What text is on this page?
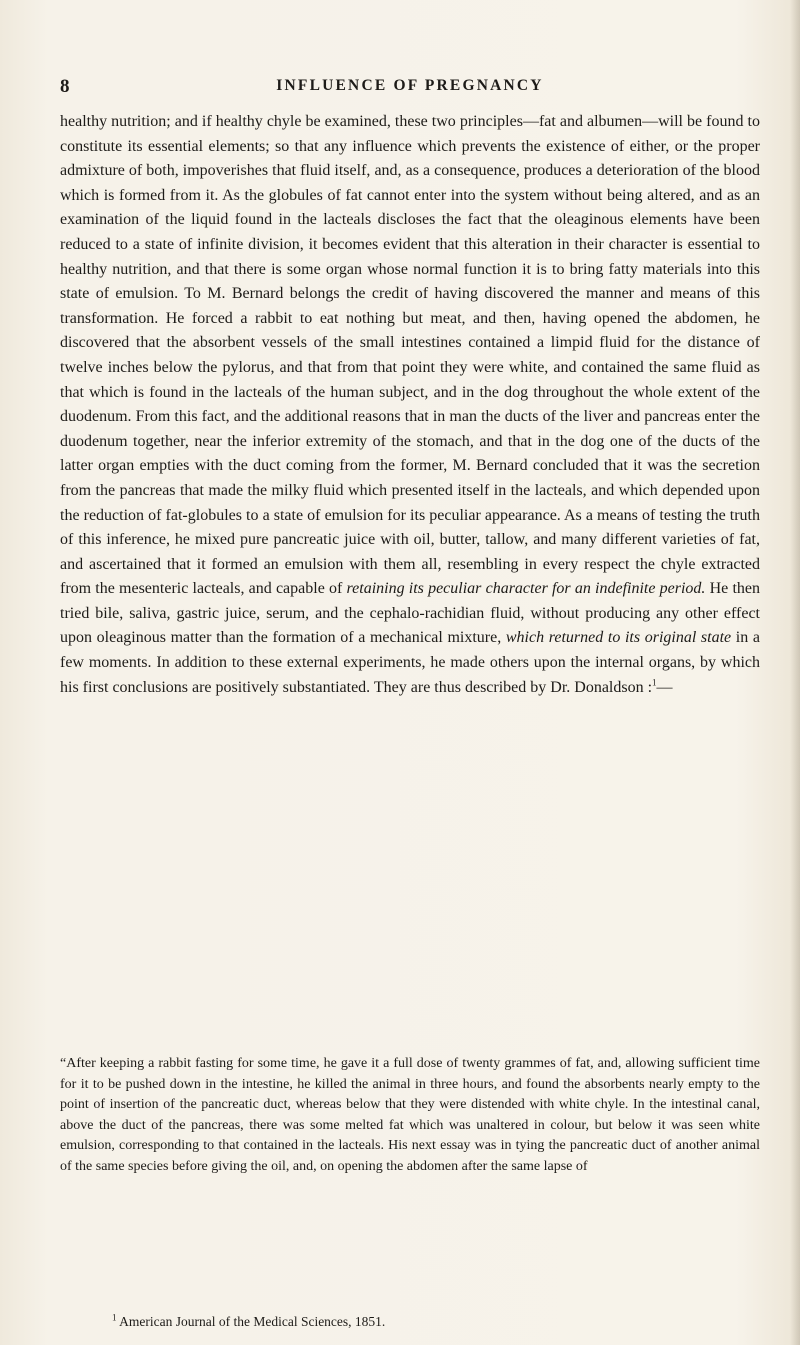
8	INFLUENCE OF PREGNANCY

healthy nutrition; and if healthy chyle be examined, these two principles—fat and albumen—will be found to constitute its essential elements; so that any influence which prevents the existence of either, or the proper admixture of both, impoverishes that fluid itself, and, as a consequence, produces a deterioration of the blood which is formed from it. As the globules of fat cannot enter into the system without being altered, and as an examination of the liquid found in the lacteals discloses the fact that the oleaginous elements have been reduced to a state of infinite division, it becomes evident that this alteration in their character is essential to healthy nutrition, and that there is some organ whose normal function it is to bring fatty materials into this state of emulsion. To M. Bernard belongs the credit of having discovered the manner and means of this transformation. He forced a rabbit to eat nothing but meat, and then, having opened the abdomen, he discovered that the absorbent vessels of the small intestines contained a limpid fluid for the distance of twelve inches below the pylorus, and that from that point they were white, and contained the same fluid as that which is found in the lacteals of the human subject, and in the dog throughout the whole extent of the duodenum. From this fact, and the additional reasons that in man the ducts of the liver and pancreas enter the duodenum together, near the inferior extremity of the stomach, and that in the dog one of the ducts of the latter organ empties with the duct coming from the former, M. Bernard concluded that it was the secretion from the pancreas that made the milky fluid which presented itself in the lacteals, and which depended upon the reduction of fat-globules to a state of emulsion for its peculiar appearance. As a means of testing the truth of this inference, he mixed pure pancreatic juice with oil, butter, tallow, and many different varieties of fat, and ascertained that it formed an emulsion with them all, resembling in every respect the chyle extracted from the mesenteric lacteals, and capable of retaining its peculiar character for an indefinite period. He then tried bile, saliva, gastric juice, serum, and the cephalo-rachidian fluid, without producing any other effect upon oleaginous matter than the formation of a mechanical mixture, which returned to its original state in a few moments. In addition to these external experiments, he made others upon the internal organs, by which his first conclusions are positively substantiated. They are thus described by Dr. Donaldson :$^1$—

“After keeping a rabbit fasting for some time, he gave it a full dose of twenty grammes of fat, and, allowing sufficient time for it to be pushed down in the intestine, he killed the animal in three hours, and found the absorbents nearly empty to the point of insertion of the pancreatic duct, whereas below that they were distended with white chyle. In the intestinal canal, above the duct of the pancreas, there was some melted fat which was unaltered in colour, but below it was seen white emulsion, corresponding to that contained in the lacteals. His next essay was in tying the pancreatic duct of another animal of the same species before giving the oil, and, on opening the abdomen after the same lapse of

$^1$ American Journal of the Medical Sciences, 1851.
